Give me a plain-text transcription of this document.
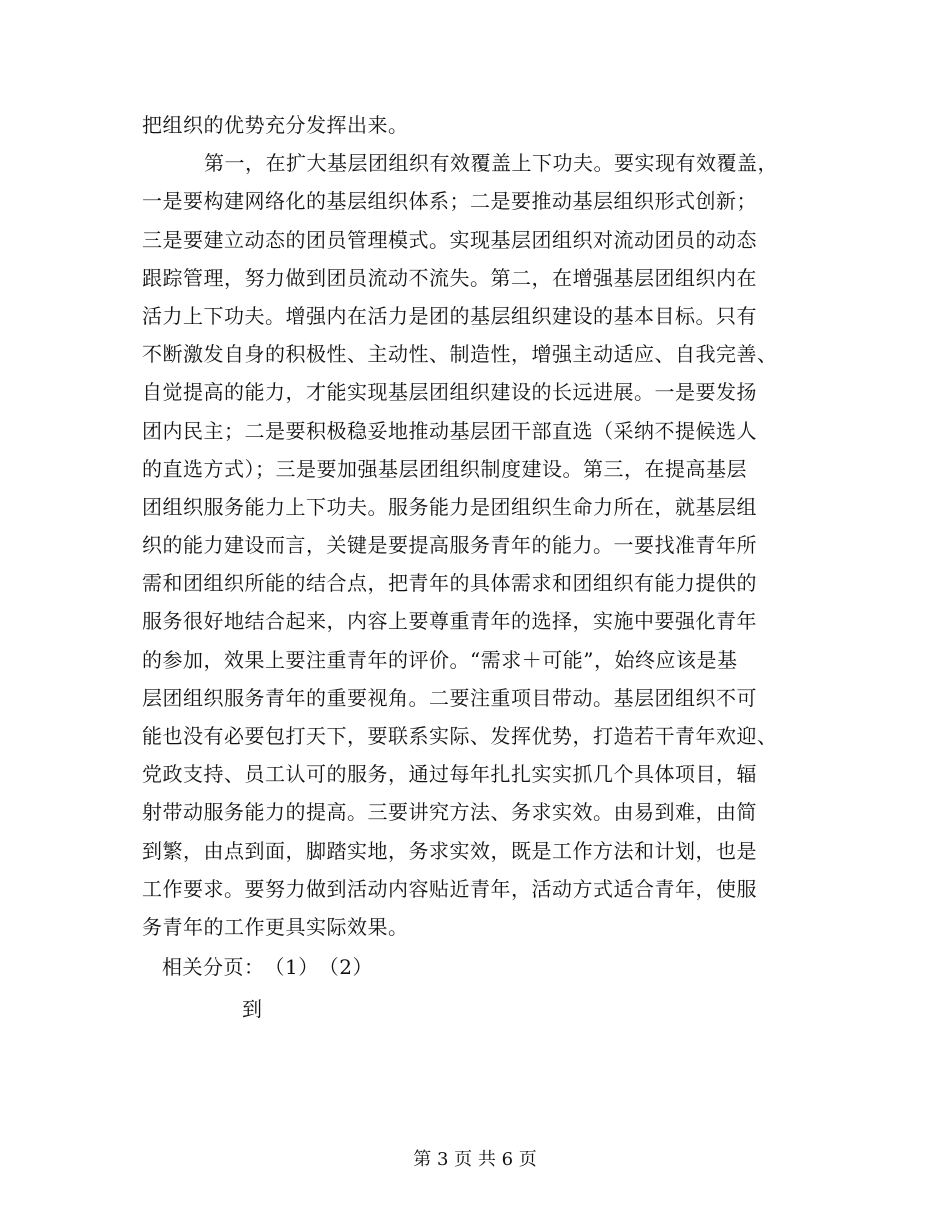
把组织的优势充分发挥出来。
第一，在扩大基层团组织有效覆盖上下功夫。要实现有效覆盖，
一是要构建网络化的基层组织体系；二是要推动基层组织形式创新；
三是要建立动态的团员管理模式。实现基层团组织对流动团员的动态
跟踪管理，努力做到团员流动不流失。第二，在增强基层团组织内在
活力上下功夫。增强内在活力是团的基层组织建设的基本目标。只有
不断激发自身的积极性、主动性、制造性，增强主动适应、自我完善、
自觉提高的能力，才能实现基层团组织建设的长远进展。一是要发扬
团内民主；二是要积极稳妥地推动基层团干部直选（采纳不提候选人
的直选方式）；三是要加强基层团组织制度建设。第三，在提高基层
团组织服务能力上下功夫。服务能力是团组织生命力所在，就基层组
织的能力建设而言，关键是要提高服务青年的能力。一要找准青年所
需和团组织所能的结合点，把青年的具体需求和团组织有能力提供的
服务很好地结合起来，内容上要尊重青年的选择，实施中要强化青年
的参加，效果上要注重青年的评价。“需求＋可能”，始终应该是基
层团组织服务青年的重要视角。二要注重项目带动。基层团组织不可
能也没有必要包打天下，要联系实际、发挥优势，打造若干青年欢迎、
党政支持、员工认可的服务，通过每年扎扎实实抓几个具体项目，辐
射带动服务能力的提高。三要讲究方法、务求实效。由易到难，由简
到繁，由点到面，脚踏实地，务求实效，既是工作方法和计划，也是
工作要求。要努力做到活动内容贴近青年，活动方式适合青年，使服
务青年的工作更具实际效果。
相关分页： （1） （2）
到
第 3 页 共 6 页
